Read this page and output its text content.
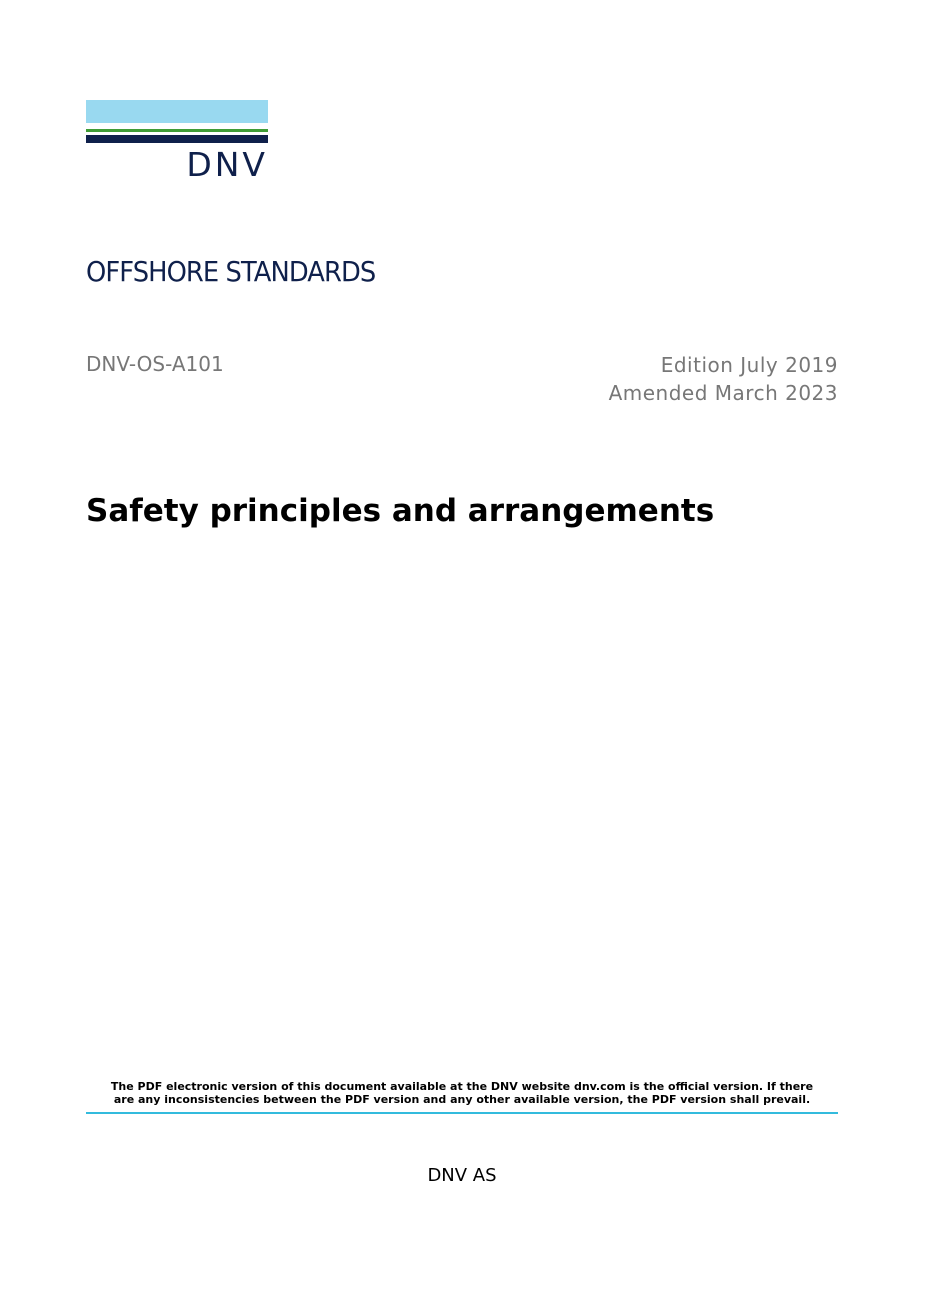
DNV
OFFSHORE STANDARDS
DNV-OS-A101	Edition July 2019
Amended March 2023
Safety principles and arrangements
The PDF electronic version of this document available at the DNV website dnv.com is the official version. If there
are any inconsistencies between the PDF version and any other available version, the PDF version shall prevail.
DNV AS
